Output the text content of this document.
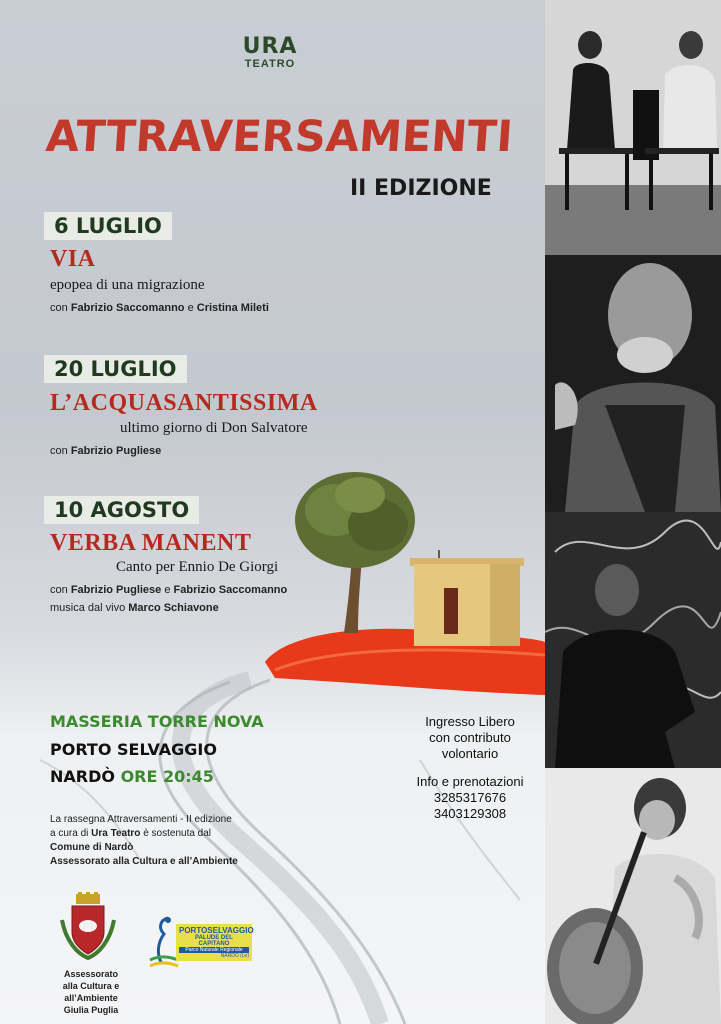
URA
TEATRO
ATTRAVERSAMENTI
II EDIZIONE
6 LUGLIO
VIA
epopea di una migrazione
con Fabrizio Saccomanno e Cristina Mileti
20 LUGLIO
L’ACQUASANTISSIMA
ultimo giorno di Don Salvatore
con Fabrizio Pugliese
10 AGOSTO
VERBA MANENT
Canto per Ennio De Giorgi
con Fabrizio Pugliese e Fabrizio Saccomanno
musica dal vivo Marco Schiavone
MASSERIA TORRE NOVA
PORTO SELVAGGIO
NARDÒ ORE 20:45
Ingresso Libero
con contributo
volontario
Info e prenotazioni
3285317676
3403129308
La rassegna Attraversamenti - II edizione
a cura di Ura Teatro è sostenuta dal
Comune di Nardò
Assessorato alla Cultura e all’Ambiente
Assessorato
alla Cultura e all’Ambiente
Giulia Puglia
PORTOSELVAGGIO
PALUDE DEL CAPITANO
Parco Naturale Regionale
NARDÒ (Le)
